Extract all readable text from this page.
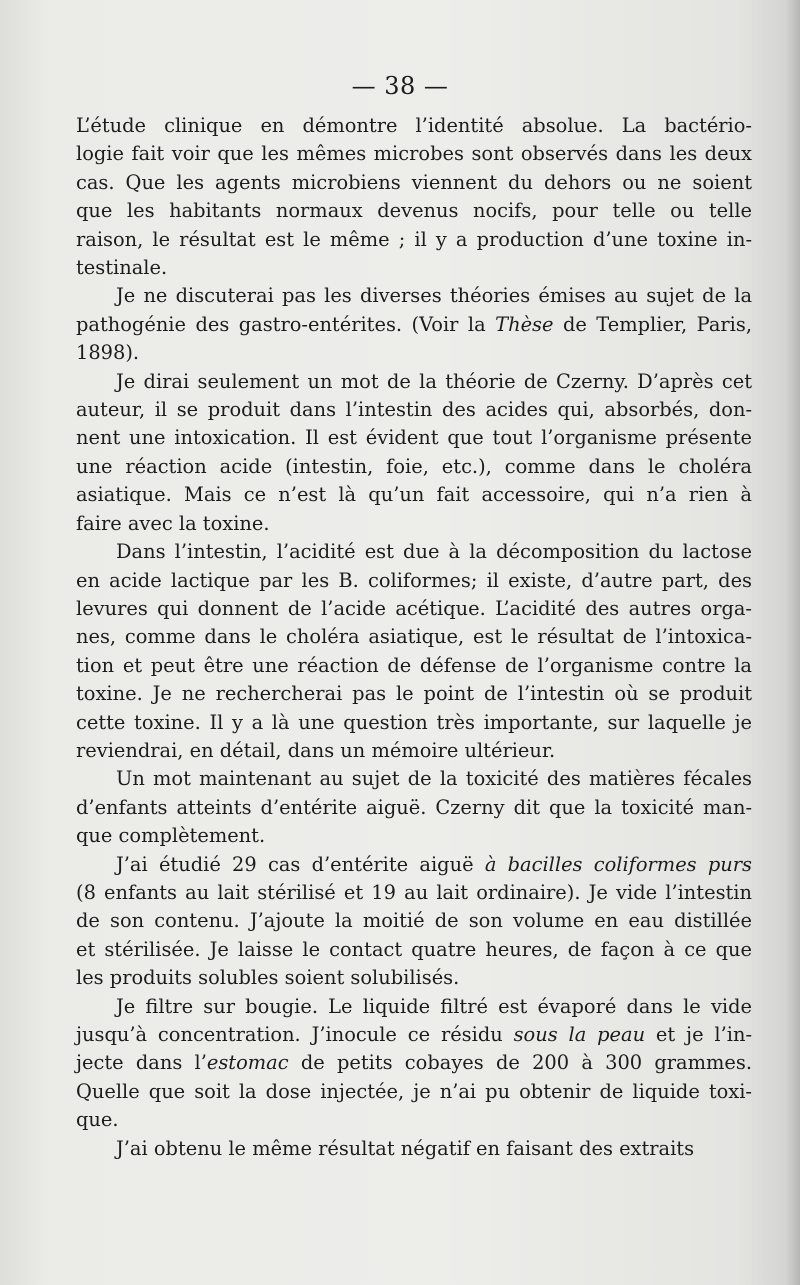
— 38 —
L’étude clinique en démontre l’identité absolue. La bactério-
logie fait voir que les mêmes microbes sont observés dans les deux
cas. Que les agents microbiens viennent du dehors ou ne soient
que les habitants normaux devenus nocifs, pour telle ou telle
raison, le résultat est le même ; il y a production d’une toxine in-
testinale.
Je ne discuterai pas les diverses théories émises au sujet de la
pathogénie des gastro-entérites. (Voir la Thèse de Templier, Paris,
1898).
Je dirai seulement un mot de la théorie de Czerny. D’après cet
auteur, il se produit dans l’intestin des acides qui, absorbés, don-
nent une intoxication. Il est évident que tout l’organisme présente
une réaction acide (intestin, foie, etc.), comme dans le choléra
asiatique. Mais ce n’est là qu’un fait accessoire, qui n’a rien à
faire avec la toxine.
Dans l’intestin, l’acidité est due à la décomposition du lactose
en acide lactique par les B. coliformes; il existe, d’autre part, des
levures qui donnent de l’acide acétique. L’acidité des autres orga-
nes, comme dans le choléra asiatique, est le résultat de l’intoxica-
tion et peut être une réaction de défense de l’organisme contre la
toxine. Je ne rechercherai pas le point de l’intestin où se produit
cette toxine. Il y a là une question très importante, sur laquelle je
reviendrai, en détail, dans un mémoire ultérieur.
Un mot maintenant au sujet de la toxicité des matières fécales
d’enfants atteints d’entérite aiguë. Czerny dit que la toxicité man-
que complètement.
J’ai étudié 29 cas d’entérite aiguë à bacilles coliformes purs
(8 enfants au lait stérilisé et 19 au lait ordinaire). Je vide l’intestin
de son contenu. J’ajoute la moitié de son volume en eau distillée
et stérilisée. Je laisse le contact quatre heures, de façon à ce que
les produits solubles soient solubilisés.
Je filtre sur bougie. Le liquide filtré est évaporé dans le vide
jusqu’à concentration. J’inocule ce résidu sous la peau et je l’in-
jecte dans l’estomac de petits cobayes de 200 à 300 grammes.
Quelle que soit la dose injectée, je n’ai pu obtenir de liquide toxi-
que.
J’ai obtenu le même résultat négatif en faisant des extraits
